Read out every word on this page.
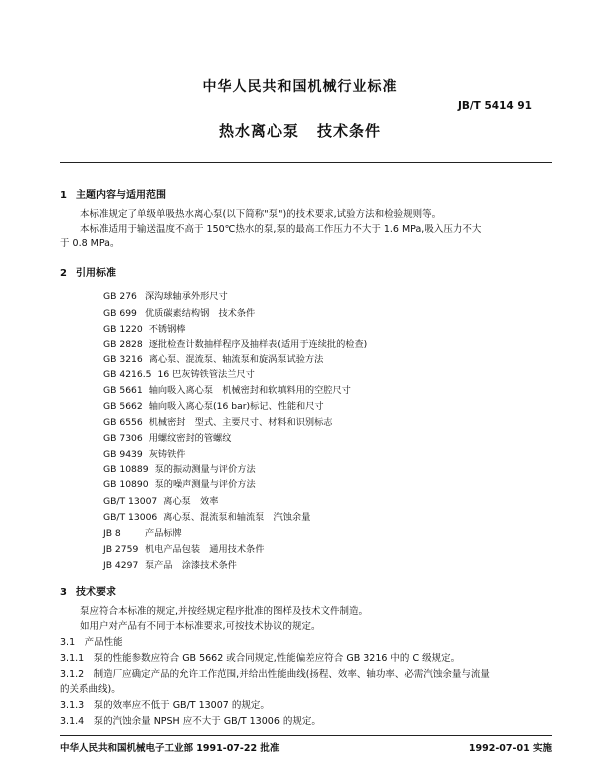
中华人民共和国机械行业标准
JB/T 5414 91
热水离心泵 技术条件
1 主题内容与适用范围
本标准规定了单级单吸热水离心泵(以下简称"泵")的技术要求,试验方法和检验规则等。
本标准适用于输送温度不高于 150℃热水的泵,泵的最高工作压力不大于 1.6 MPa,吸入压力不大
于 0.8 MPa。
2 引用标准
GB 276 深沟球轴承外形尺寸
GB 699 优质碳素结构钢　技术条件
GB 1220 不锈钢棒
GB 2828 逐批检查计数抽样程序及抽样表(适用于连续批的检查)
GB 3216 离心泵、混流泵、轴流泵和旋涡泵试验方法
GB 4216.5 16 巴灰铸铁管法兰尺寸
GB 5661 轴向吸入离心泵　机械密封和软填料用的空腔尺寸
GB 5662 轴向吸入离心泵(16 bar)标记、性能和尺寸
GB 6556 机械密封　型式、主要尺寸、材料和识别标志
GB 7306 用螺纹密封的管螺纹
GB 9439 灰铸铁件
GB 10889 泵的振动测量与评价方法
GB 10890 泵的噪声测量与评价方法
GB/T 13007 离心泵　效率
GB/T 13006 离心泵、混流泵和轴流泵　汽蚀余量
JB 8	产品标牌
JB 2759 机电产品包装　通用技术条件
JB 4297 泵产品　涂漆技术条件
3 技术要求
泵应符合本标准的规定,并按经规定程序批准的图样及技术文件制造。
如用户对产品有不同于本标准要求,可按技术协议的规定。
3.1　产品性能
3.1.1　泵的性能参数应符合 GB 5662 或合同规定,性能偏差应符合 GB 3216 中的 C 级规定。
3.1.2　制造厂应确定产品的允许工作范围,并给出性能曲线(扬程、效率、轴功率、必需汽蚀余量与流量
的关系曲线)。
3.1.3　泵的效率应不低于 GB/T 13007 的规定。
3.1.4　泵的汽蚀余量 NPSH 应不大于 GB/T 13006 的规定。
中华人民共和国机械电子工业部 1991-07-22 批准	1992-07-01 实施
